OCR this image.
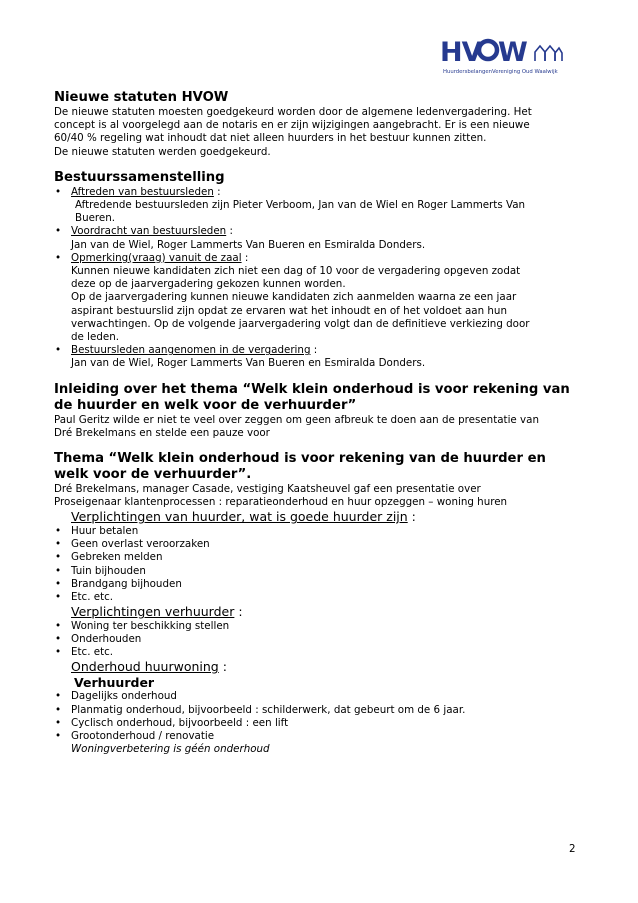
HV W
HuurdersbelangenVereniging Oud Waalwijk
Nieuwe statuten HVOW

De nieuwe statuten moesten goedgekeurd worden door de algemene ledenvergadering. Het

concept is al voorgelegd aan de notaris en er zijn wijzigingen aangebracht. Er is een nieuwe

60/40 % regeling wat inhoudt dat niet alleen huurders in het bestuur kunnen zitten.

De nieuwe statuten werden goedgekeurd.

Bestuurssamenstelling
• Aftreden van bestuursleden :
Aftredende bestuursleden zijn Pieter Verboom, Jan van de Wiel en Roger Lammerts Van
Bueren.
• Voordracht van bestuursleden :
Jan van de Wiel, Roger Lammerts Van Bueren en Esmiralda Donders.
• Opmerking(vraag) vanuit de zaal :
Kunnen nieuwe kandidaten zich niet een dag of 10 voor de vergadering opgeven zodat
deze op de jaarvergadering gekozen kunnen worden.
Op de jaarvergadering kunnen nieuwe kandidaten zich aanmelden waarna ze een jaar
aspirant bestuurslid zijn opdat ze ervaren wat het inhoudt en of het voldoet aan hun
verwachtingen. Op de volgende jaarvergadering volgt dan de definitieve verkiezing door
de leden.
• Bestuursleden aangenomen in de vergadering :
Jan van de Wiel, Roger Lammerts Van Bueren en Esmiralda Donders.
Inleiding over het thema “Welk klein onderhoud is voor rekening van
de huurder en welk voor de verhuurder”

Paul Geritz wilde er niet te veel over zeggen om geen afbreuk te doen aan de presentatie van

Dré Brekelmans en stelde een pauze voor

Thema “Welk klein onderhoud is voor rekening van de huurder en
welk voor de verhuurder”.

Dré Brekelmans, manager Casade, vestiging Kaatsheuvel gaf een presentatie over

Proseigenaar klantenprocessen : reparatieonderhoud en huur opzeggen – woning huren

Verplichtingen van huurder, wat is goede huurder zijn :
• Huur betalen
• Geen overlast veroorzaken
• Gebreken melden
• Tuin bijhouden
• Brandgang bijhouden
• Etc. etc.
Verplichtingen verhuurder :
• Woning ter beschikking stellen
• Onderhouden
• Etc. etc.
Onderhoud huurwoning :
Verhuurder
• Dagelijks onderhoud
• Planmatig onderhoud, bijvoorbeeld : schilderwerk, dat gebeurt om de 6 jaar.
• Cyclisch onderhoud, bijvoorbeeld : een lift
• Grootonderhoud / renovatie
Woningverbetering is géén onderhoud
2
